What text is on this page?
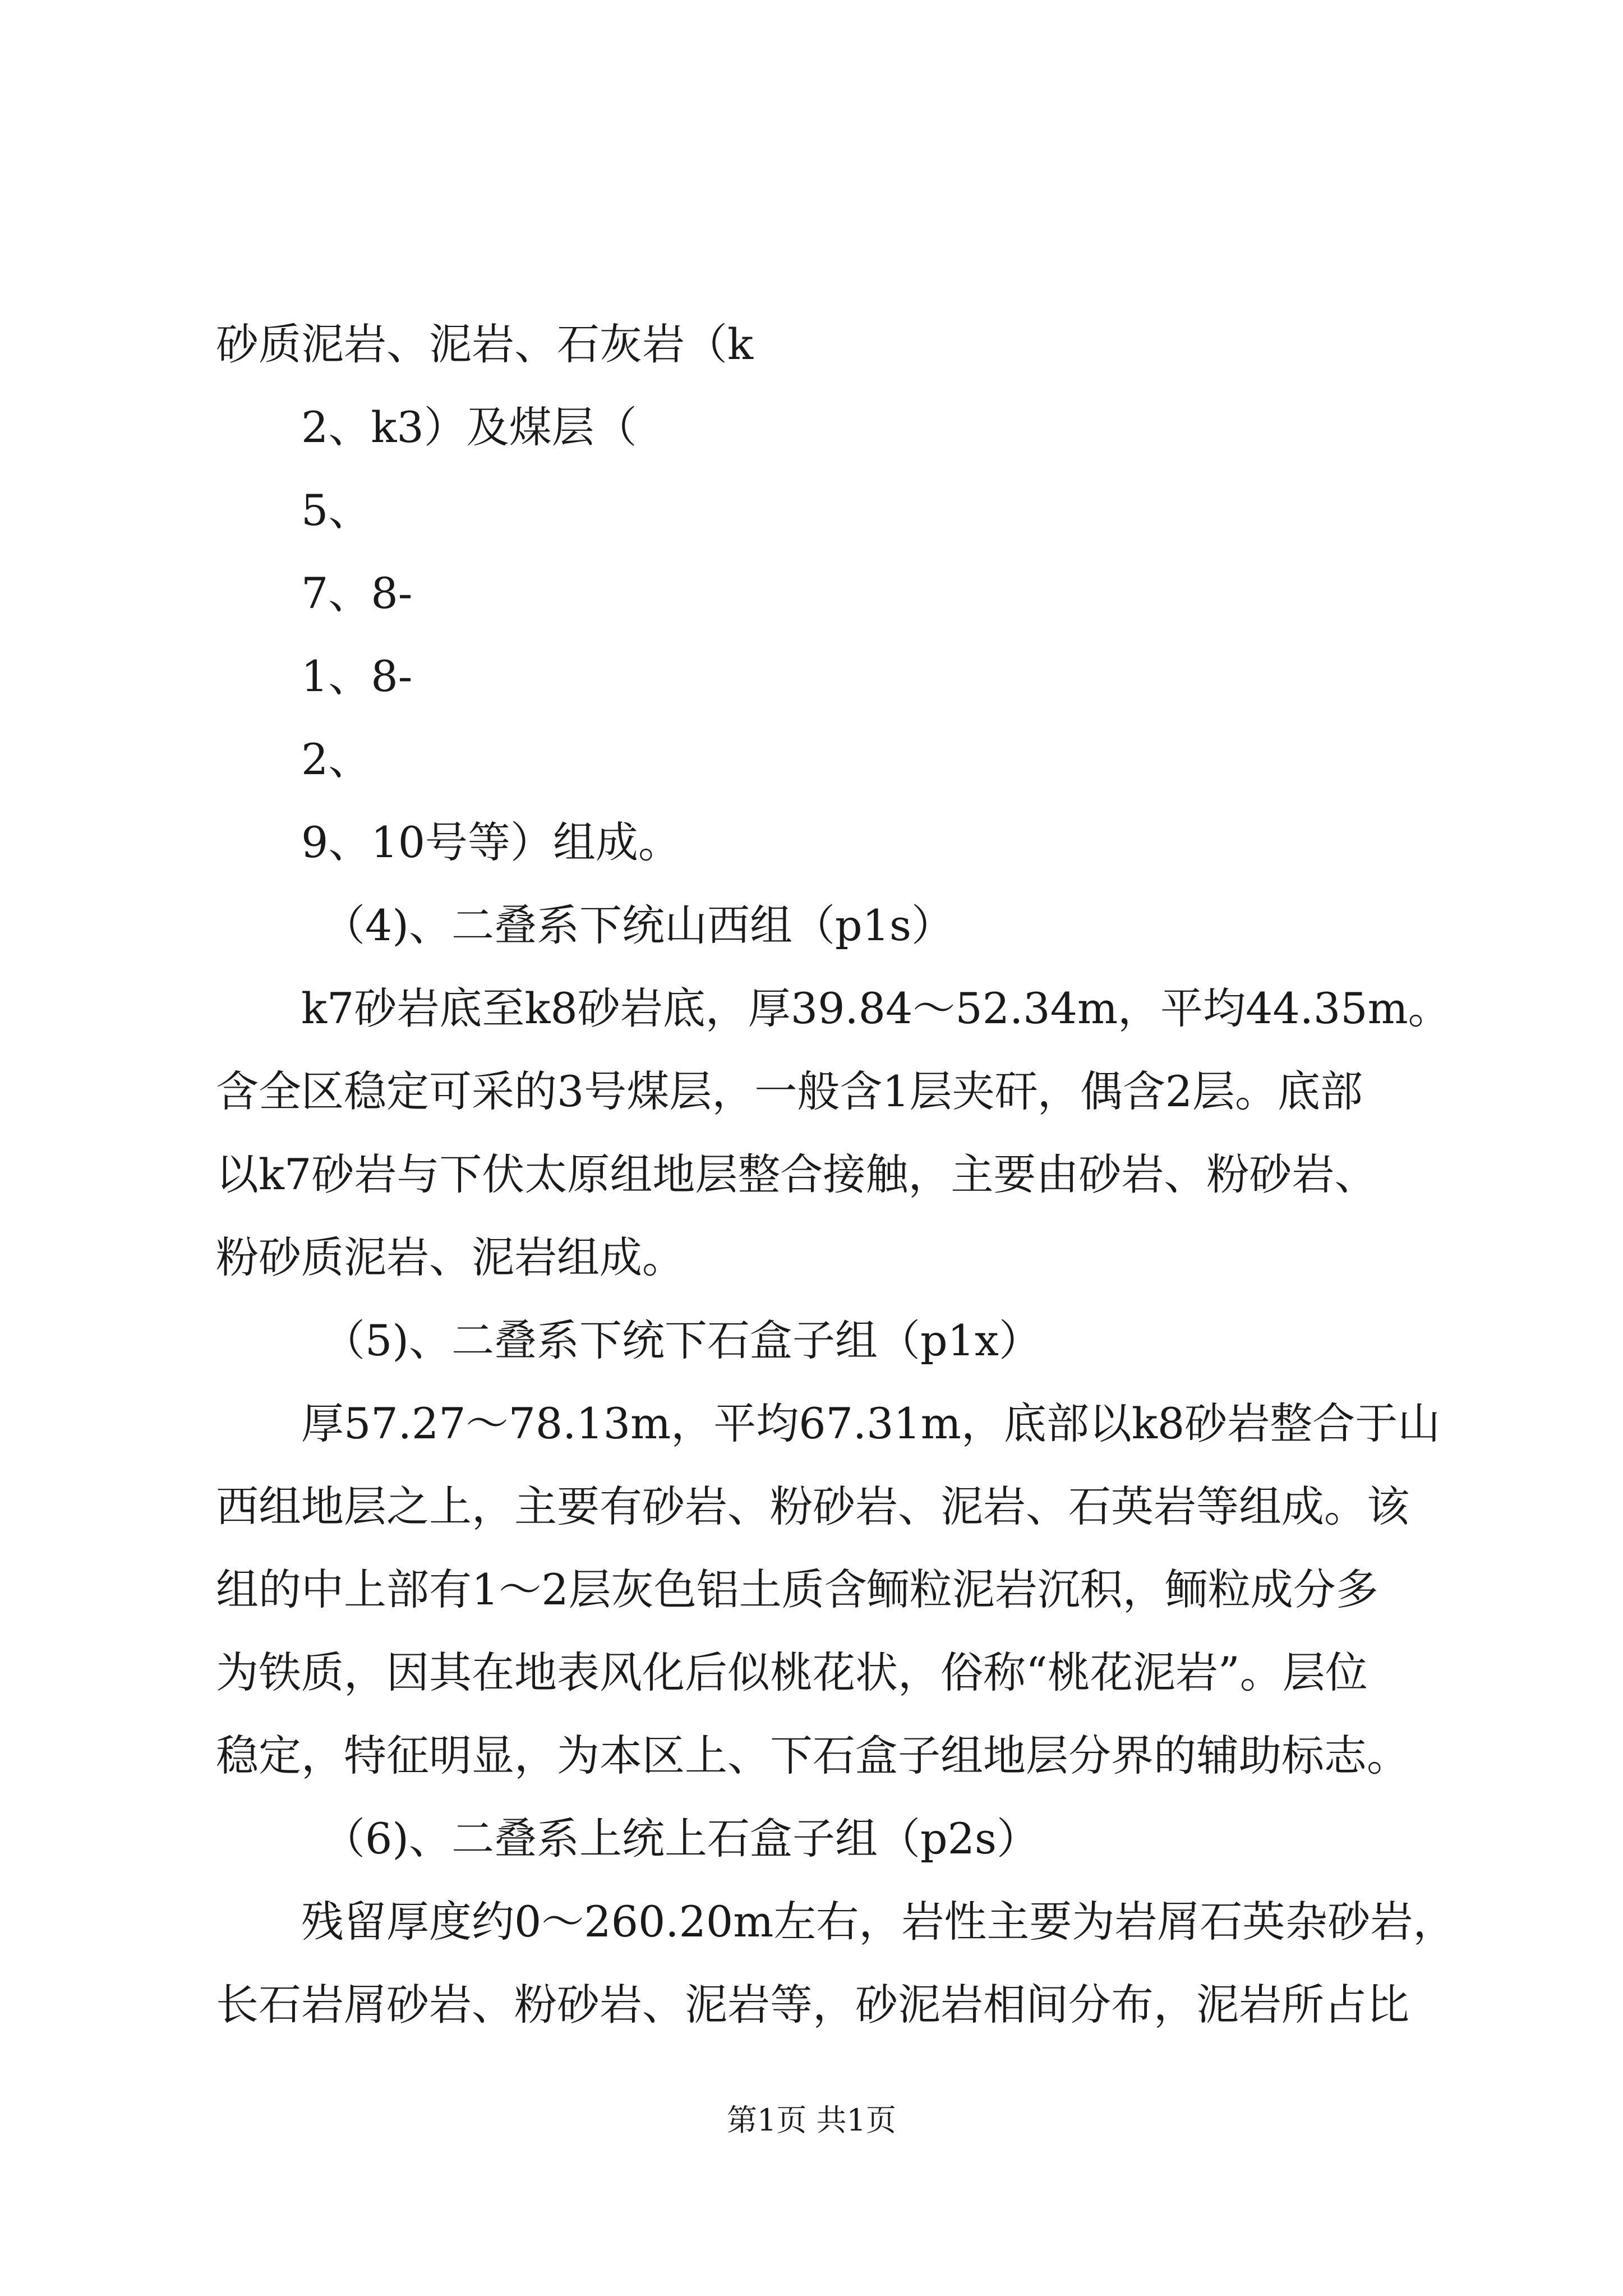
砂质泥岩、泥岩、石灰岩（k
2、k3）及煤层（
5、
7、8-
1、8-
2、
9、10号等）组成。
（4)、二叠系下统山西组（p1s）
k7砂岩底至k8砂岩底，厚39.84～52.34m，平均44.35m。
含全区稳定可采的3号煤层，一般含1层夹矸，偶含2层。底部
以k7砂岩与下伏太原组地层整合接触，主要由砂岩、粉砂岩、
粉砂质泥岩、泥岩组成。
（5)、二叠系下统下石盒子组（p1x）
厚57.27～78.13m，平均67.31m，底部以k8砂岩整合于山
西组地层之上，主要有砂岩、粉砂岩、泥岩、石英岩等组成。该
组的中上部有1～2层灰色铝土质含鲕粒泥岩沉积，鲕粒成分多
为铁质，因其在地表风化后似桃花状，俗称“桃花泥岩”。层位
稳定，特征明显，为本区上、下石盒子组地层分界的辅助标志。
（6)、二叠系上统上石盒子组（p2s）
残留厚度约0～260.20m左右，岩性主要为岩屑石英杂砂岩，
长石岩屑砂岩、粉砂岩、泥岩等，砂泥岩相间分布，泥岩所占比
第1页 共1页
